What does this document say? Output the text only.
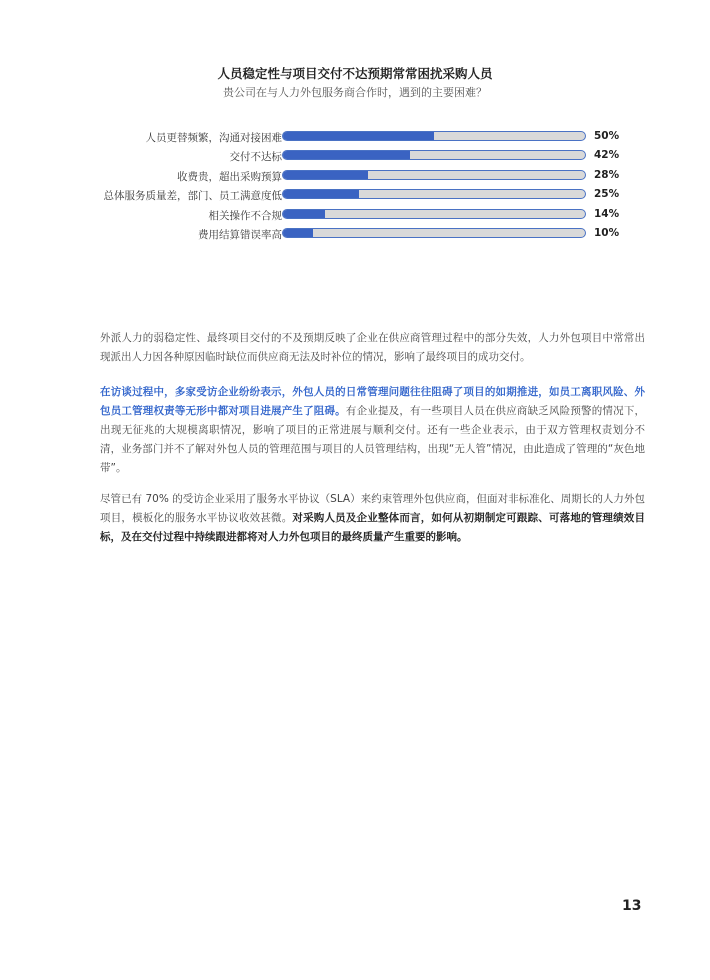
人员稳定性与项目交付不达预期常常困扰采购人员
贵公司在与人力外包服务商合作时，遇到的主要困难？
人员更替频繁，沟通对接困难	50%
交付不达标	42%
收费贵，超出采购预算	28%
总体服务质量差，部门、员工满意度低	25%
相关操作不合规	14%
费用结算错误率高	10%

外派人力的弱稳定性、最终项目交付的不及预期反映了企业在供应商管理过程中的部分失效，人力外包项目中常常出现派出人力因各种原因临时缺位而供应商无法及时补位的情况，影响了最终项目的成功交付。

在访谈过程中，多家受访企业纷纷表示，外包人员的日常管理问题往往阻碍了项目的如期推进，如员工离职风险、外包员工管理权责等无形中都对项目进展产生了阻碍。有企业提及，有一些项目人员在供应商缺乏风险预警的情况下，出现无征兆的大规模离职情况，影响了项目的正常进展与顺利交付。还有一些企业表示，由于双方管理权责划分不清，业务部门并不了解对外包人员的管理范围与项目的人员管理结构，出现“无人管”情况，由此造成了管理的“灰色地带”。

尽管已有 70% 的受访企业采用了服务水平协议（SLA）来约束管理外包供应商，但面对非标准化、周期长的人力外包项目，模板化的服务水平协议收效甚微。对采购人员及企业整体而言，如何从初期制定可跟踪、可落地的管理绩效目标，及在交付过程中持续跟进都将对人力外包项目的最终质量产生重要的影响。

13
